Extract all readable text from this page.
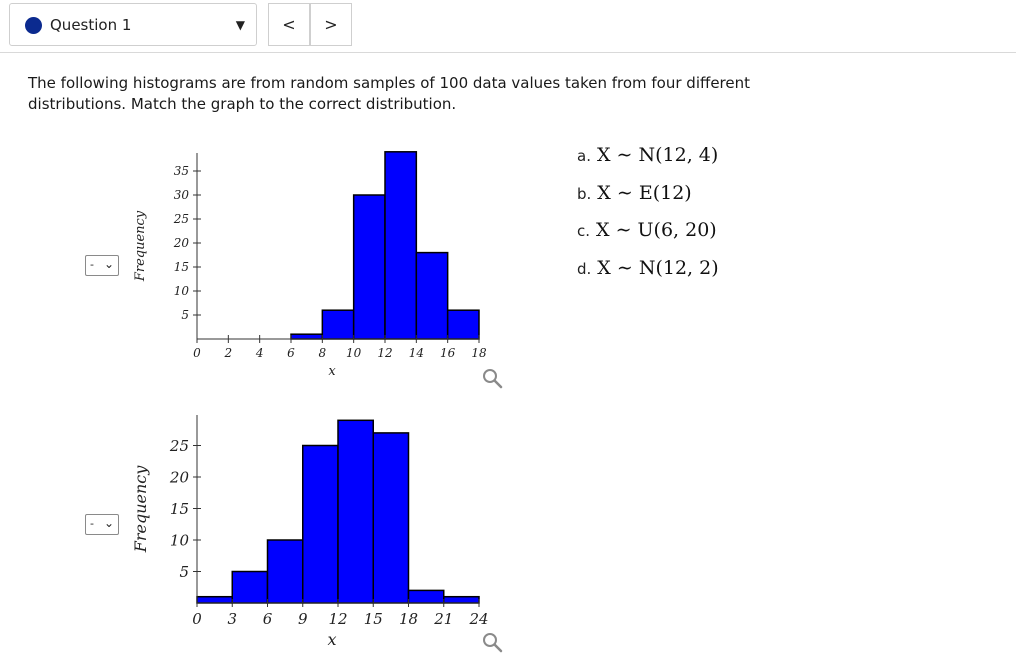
Question 1	▼ < >
The following histograms are from random samples of 100 data values taken from four different distributions. Match the graph to the correct distribution.
- ⌄
- ⌄
5
10
15
20
25
30
35
0 2 4 6 8 10 12 14 16 18
x
Frequency
5
10
15
20
25
0 3 6 9 12 15 18 21 24
x
Frequency
a. X ∼ N(12, 4)
b. X ∼ E(12)
c. X ∼ U(6, 20)
d. X ∼ N(12, 2)
